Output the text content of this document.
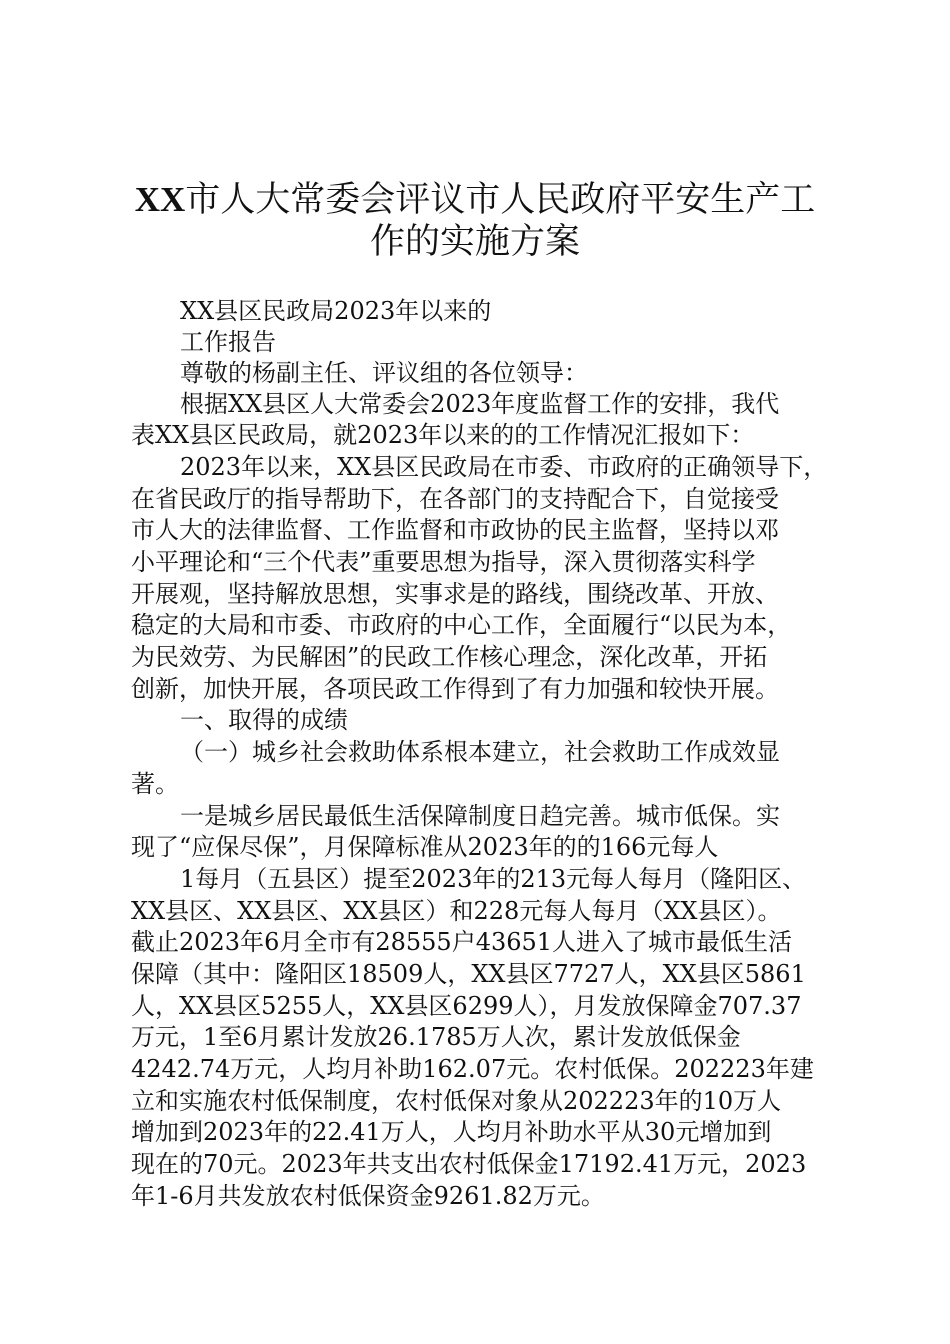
XX市人大常委会评议市人民政府平安生产工
作的实施方案

XX县区民政局2023年以来的

工作报告

尊敬的杨副主任、评议组的各位领导：

根据XX县区人大常委会2023年度监督工作的安排，我代

表XX县区民政局，就2023年以来的的工作情况汇报如下：

2023年以来，XX县区民政局在市委、市政府的正确领导下，

在省民政厅的指导帮助下，在各部门的支持配合下，自觉接受

市人大的法律监督、工作监督和市政协的民主监督，坚持以邓

小平理论和“三个代表”重要思想为指导，深入贯彻落实科学

开展观，坚持解放思想，实事求是的路线，围绕改革、开放、

稳定的大局和市委、市政府的中心工作，全面履行“以民为本，

为民效劳、为民解困”的民政工作核心理念，深化改革，开拓

创新，加快开展，各项民政工作得到了有力加强和较快开展。

一、取得的成绩

（一）城乡社会救助体系根本建立，社会救助工作成效显

著。

一是城乡居民最低生活保障制度日趋完善。城市低保。实

现了“应保尽保”，月保障标准从2023年的的166元每人

1每月（五县区）提至2023年的213元每人每月（隆阳区、

XX县区、XX县区、XX县区）和228元每人每月（XX县区）。

截止2023年6月全市有28555户43651人进入了城市最低生活

保障（其中：隆阳区18509人，XX县区7727人，XX县区5861

人，XX县区5255人，XX县区6299人），月发放保障金707.37

万元，1至6月累计发放26.1785万人次，累计发放低保金

4242.74万元，人均月补助162.07元。农村低保。202223年建

立和实施农村低保制度，农村低保对象从202223年的10万人

增加到2023年的22.41万人，人均月补助水平从30元增加到

现在的70元。2023年共支出农村低保金17192.41万元，2023

年1-6月共发放农村低保资金9261.82万元。
